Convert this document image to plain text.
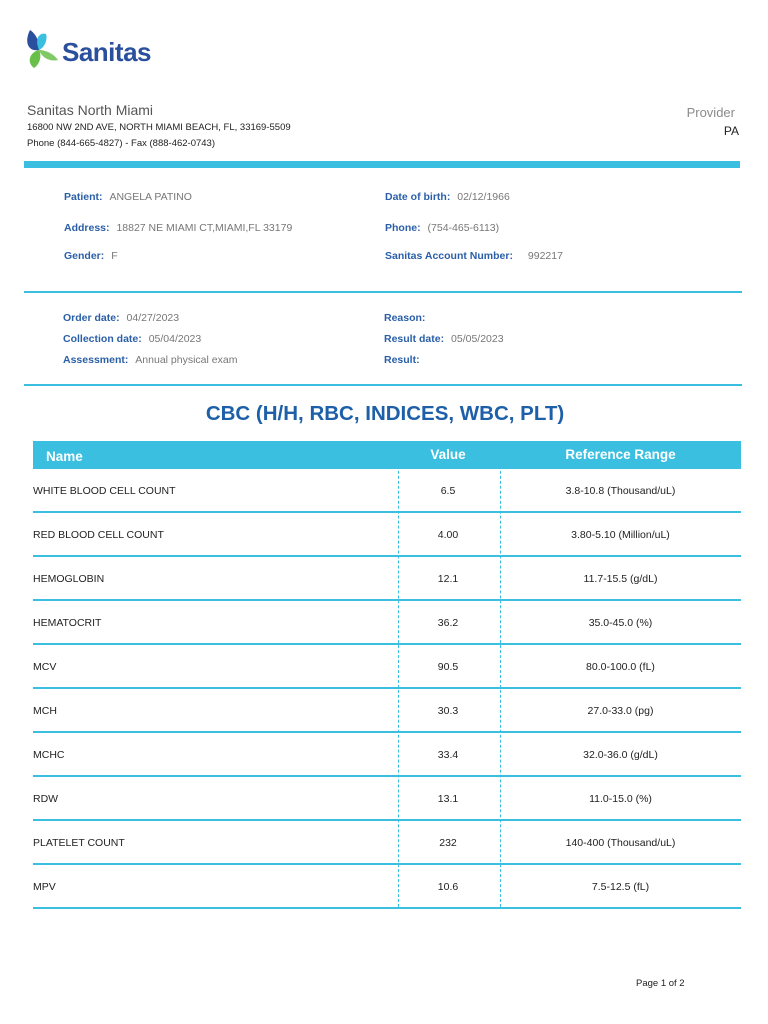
Sanitas
Sanitas North Miami
16800 NW 2ND AVE, NORTH MIAMI BEACH, FL, 33169-5509
Phone (844-665-4827) - Fax (888-462-0743)
Provider
PA
Patient: ANGELA PATINO	Date of birth: 02/12/1966
Address: 18827 NE MIAMI CT,MIAMI,FL 33179	Phone: (754-465-6113)
Gender: F	Sanitas Account Number: 992217
Order date: 04/27/2023	Reason:
Collection date: 05/04/2023	Result date: 05/05/2023
Assessment: Annual physical exam	Result:
CBC (H/H, RBC, INDICES, WBC, PLT)
Name	Value	Reference Range
WHITE BLOOD CELL COUNT	6.5	3.8-10.8 (Thousand/uL)
RED BLOOD CELL COUNT	4.00	3.80-5.10 (Million/uL)
HEMOGLOBIN	12.1	11.7-15.5 (g/dL)
HEMATOCRIT	36.2	35.0-45.0 (%)
MCV	90.5	80.0-100.0 (fL)
MCH	30.3	27.0-33.0 (pg)
MCHC	33.4	32.0-36.0 (g/dL)
RDW	13.1	11.0-15.0 (%)
PLATELET COUNT	232	140-400 (Thousand/uL)
MPV	10.6	7.5-12.5 (fL)
Page 1 of 2
